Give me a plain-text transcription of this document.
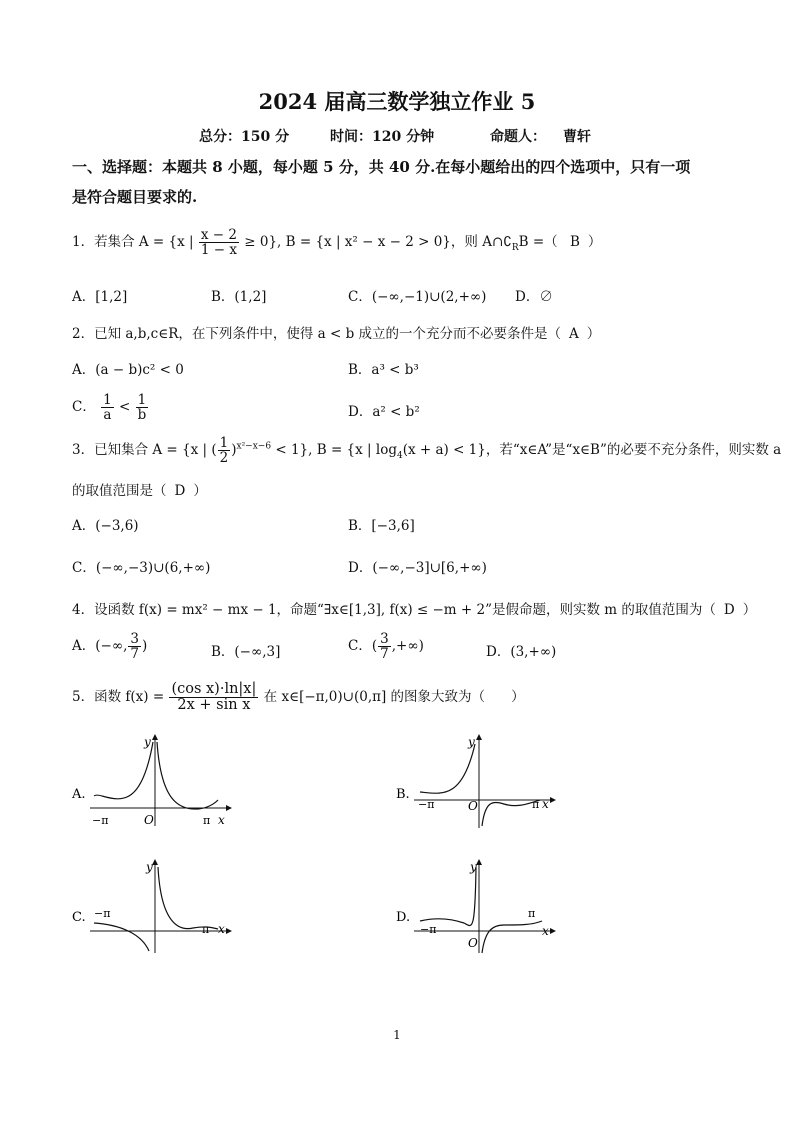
2024 届高三数学独立作业 5
总分：150 分	时间：120 分钟	命题人： 曹轩
一、选择题：本题共 8 小题，每小题 5 分，共 40 分.在每小题给出的四个选项中，只有一项
是符合题目要求的.
1．若集合 A = {x | $\frac{x - 2}{1 - x} \ge 0$}, B = {x | x² − x − 2 > 0}，则 $A\cap∁_RB$ =（ B ）
A．[1,2]	B．(1,2]	C．(−∞,−1)∪(2,+∞) D．∅
2．已知 a,b,c∈R，在下列条件中，使得 a < b 成立的一个充分而不必要条件是（ A ）
A．(a − b)c² < 0	B．a³ < b³
C． $\frac{1}{a} < \frac{1}{b}$	D．a² < b²
3．已知集合 A = {x | ( $\frac{1}{2} )^{x^2-x-6} < 1$}, B = {x | $\log_4(x + a) < 1$}，若“x∈A”是“x∈B”的必要不充分条件，则实数 a
的取值范围是（ D ）
A．(−3,6)	B．[−3,6]
C．(−∞,−3)∪(6,+∞)	D．(−∞,−3]∪[6,+∞)
4．设函数 f(x) = mx² − mx − 1，命题“∃x∈[1,3], f(x) ≤ −m + 2”是假命题，则实数 m 的取值范围为（ D ）
A．(−∞, $\frac{3}{7}$ )	B．(−∞,3]	C．( $\frac{3}{7}$ ,+∞)	D．(3,+∞)
5．函数 $f(x) = \frac{\text{(cos x)·ln|x|}}{\text{2x + sin x}}$ 在 x∈[−π,0)∪(0,π] 的图象大致为（ ）
A.
y
x
O
−π	π
B.
y
x
O
−π	π
C.
y
x
−π
π
D.
y
x
O
−π
π
1
